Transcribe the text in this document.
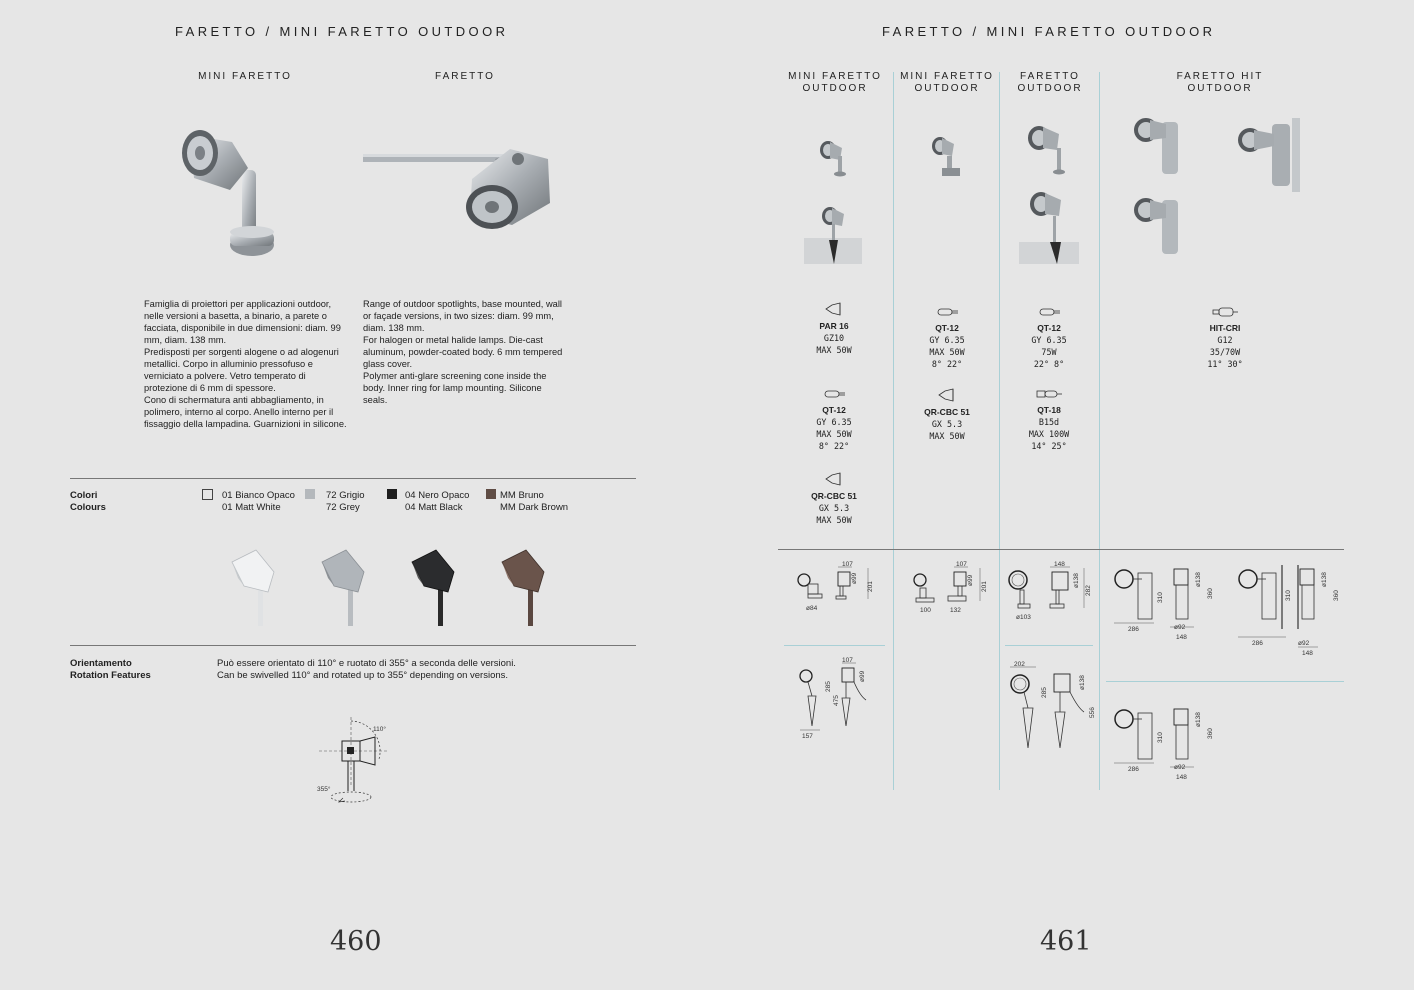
FARETTO / MINI FARETTO OUTDOOR
MINI FARETTO	FARETTO

Famiglia di proiettori per applicazioni outdoor, nelle versioni a basetta, a binario, a parete o facciata, disponibile in due dimensioni: diam. 99 mm, diam. 138 mm.

Predisposti per sorgenti alogene o ad alogenuri metallici. Corpo in alluminio pressofuso e verniciato a polvere. Vetro temperato di protezione di 6 mm di spessore.

Cono di schermatura anti abbagliamento, in polimero, interno al corpo. Anello interno per il fissaggio della lampadina. Guarnizioni in silicone.

Range of outdoor spotlights, base mounted, wall or façade versions, in two sizes: diam. 99 mm, diam. 138 mm.

For halogen or metal halide lamps. Die-cast aluminum, powder-coated body. 6 mm tempered glass cover.

Polymer anti-glare screening cone inside the body. Inner ring for lamp mounting. Silicone seals.

Colori
Colours
01 Bianco Opaco
01 Matt White
72 Grigio
72 Grey
04 Nero Opaco
04 Matt Black
MM Bruno
MM Dark Brown
Orientamento
Rotation Features
Può essere orientato di 110° e ruotato di 355° a seconda delle versioni.
Can be swivelled 110° and rotated up to 355° depending on versions.
110°
355°
460
FARETTO / MINI FARETTO OUTDOOR
MINI FARETTO
OUTDOOR
MINI FARETTO
OUTDOOR
FARETTO
OUTDOOR
FARETTO HIT
OUTDOOR
PAR 16
GZ10
MAX 50W
QT-12
GY 6.35
MAX 50W
8° 22°
QR-CBC 51
GX 5.3
MAX 50W
QT-12
GY 6.35
MAX 50W
8° 22°
QR-CBC 51
GX 5.3
MAX 50W
QT-12
GY 6.35
75W
22° 8°
QT-18
B15d
MAX 100W
14° 25°
HIT-CRI
G12
35/70W
11° 30°
107
ø99
201
ø84
107
ø99
201
100	132
148
ø138
282
ø103
286
310
ø138
360
ø92
148
286
310
ø138
360
ø92
148
107
ø99
285
475
157
202
ø138
285
556
286
310
ø138
360
ø92
148
461
